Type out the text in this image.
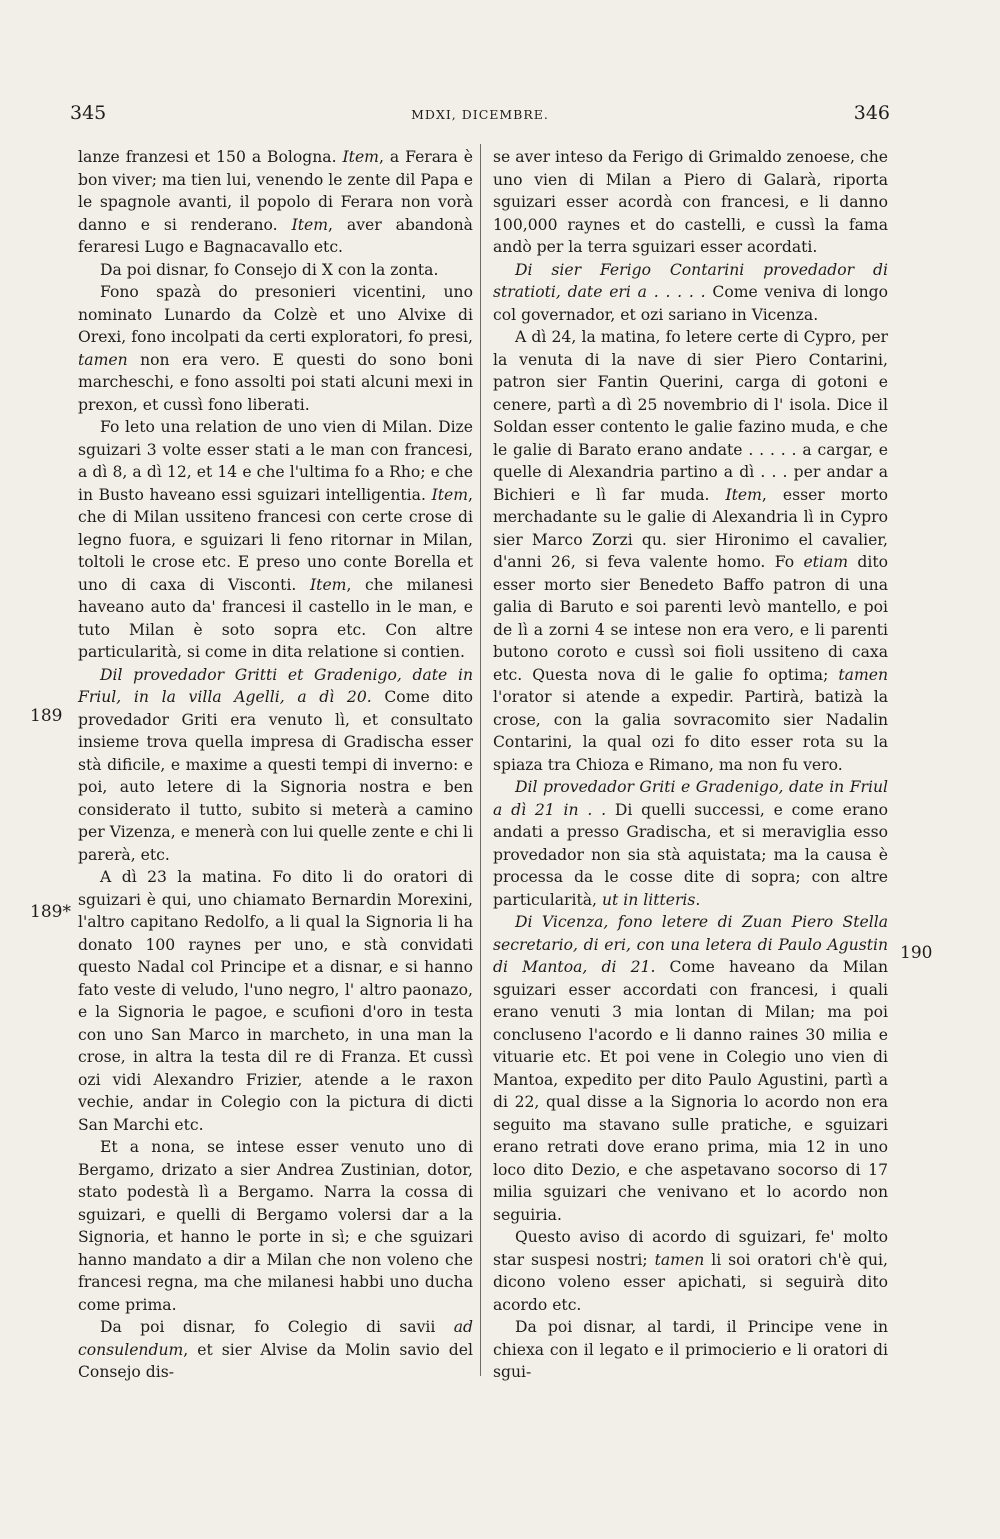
345	MDXI, DICEMBRE.	346
189
189*
190

lanze franzesi et 150 a Bologna. Item, a Ferara è bon viver; ma tien lui, venendo le zente dil Papa e le spagnole avanti, il popolo di Ferara non vorà danno e si renderano. Item, aver abandonà feraresi Lugo e Bagnacavallo etc.

Da poi disnar, fo Consejo di X con la zonta.

Fono spazà do presonieri vicentini, uno nominato Lunardo da Colzè et uno Alvixe di Orexi, fono incolpati da certi exploratori, fo presi, tamen non era vero. E questi do sono boni marcheschi, e fono assolti poi stati alcuni mexi in prexon, et cussì fono liberati.

Fo leto una relation de uno vien di Milan. Dize sguizari 3 volte esser stati a le man con francesi, a dì 8, a dì 12, et 14 e che l'ultima fo a Rho; e che in Busto haveano essi sguizari intelligentia. Item, che di Milan ussiteno francesi con certe crose di legno fuora, e sguizari li feno ritornar in Milan, toltoli le crose etc. E preso uno conte Borella et uno di caxa di Visconti. Item, che milanesi haveano auto da' francesi il castello in le man, e tuto Milan è soto sopra etc. Con altre particularità, si come in dita relatione si contien.

Dil provedador Gritti et Gradenigo, date in Friul, in la villa Agelli, a dì 20. Come dito provedador Griti era venuto lì, et consultato insieme trova quella impresa di Gradischa esser stà dificile, e maxime a questi tempi di inverno: e poi, auto letere di la Signoria nostra e ben considerato il tutto, subito si meterà a camino per Vizenza, e menerà con lui quelle zente e chi li parerà, etc.

A dì 23 la matina. Fo dito li do oratori di sguizari è qui, uno chiamato Bernardin Morexini, l'altro capitano Redolfo, a li qual la Signoria li ha donato 100 raynes per uno, e stà convidati questo Nadal col Principe et a disnar, e si hanno fato veste di veludo, l'uno negro, l' altro paonazo, e la Signoria le pagoe, e scufioni d'oro in testa con uno San Marco in marcheto, in una man la crose, in altra la testa dil re di Franza. Et cussì ozi vidi Alexandro Frizier, atende a le raxon vechie, andar in Colegio con la pictura di dicti San Marchi etc.

Et a nona, se intese esser venuto uno di Bergamo, drizato a sier Andrea Zustinian, dotor, stato podestà lì a Bergamo. Narra la cossa di sguizari, e quelli di Bergamo volersi dar a la Signoria, et hanno le porte in sì; e che sguizari hanno mandato a dir a Milan che non voleno che francesi regna, ma che milanesi habbi uno ducha come prima.

Da poi disnar, fo Colegio di savii ad consulendum, et sier Alvise da Molin savio del Consejo dis-

se aver inteso da Ferigo di Grimaldo zenoese, che uno vien di Milan a Piero di Galarà, riporta sguizari esser acordà con francesi, e li danno 100,000 raynes et do castelli, e cussì la fama andò per la terra sguizari esser acordati.

Di sier Ferigo Contarini provedador di stratioti, date eri a . . . . . Come veniva di longo col governador, et ozi sariano in Vicenza.

A dì 24, la matina, fo letere certe di Cypro, per la venuta di la nave di sier Piero Contarini, patron sier Fantin Querini, carga di gotoni e cenere, partì a dì 25 novembrio di l' isola. Dice il Soldan esser contento le galie fazino muda, e che le galie di Barato erano andate . . . . . a cargar, e quelle di Alexandria partino a dì . . . per andar a Bichieri e lì far muda. Item, esser morto merchadante su le galie di Alexandria lì in Cypro sier Marco Zorzi qu. sier Hironimo el cavalier, d'anni 26, si feva valente homo. Fo etiam dito esser morto sier Benedeto Baffo patron di una galia di Baruto e soi parenti levò mantello, e poi de lì a zorni 4 se intese non era vero, e li parenti butono coroto e cussì soi fioli ussiteno di caxa etc. Questa nova di le galie fo optima; tamen l'orator si atende a expedir. Partirà, batizà la crose, con la galia sovracomito sier Nadalin Contarini, la qual ozi fo dito esser rota su la spiaza tra Chioza e Rimano, ma non fu vero.

Dil provedador Griti e Gradenigo, date in Friul a dì 21 in . . Di quelli successi, e come erano andati a presso Gradischa, et si meraviglia esso provedador non sia stà aquistata; ma la causa è processa da le cosse dite di sopra; con altre particularità, ut in litteris.

Di Vicenza, fono letere di Zuan Piero Stella secretario, di eri, con una letera di Paulo Agustin di Mantoa, di 21. Come haveano da Milan sguizari esser accordati con francesi, i quali erano venuti 3 mia lontan di Milan; ma poi concluseno l'acordo e li danno raines 30 milia e vituarie etc. Et poi vene in Colegio uno vien di Mantoa, expedito per dito Paulo Agustini, partì a di 22, qual disse a la Signoria lo acordo non era seguito ma stavano sulle pratiche, e sguizari erano retrati dove erano prima, mia 12 in uno loco dito Dezio, e che aspetavano socorso di 17 milia sguizari che venivano et lo acordo non seguiria.

Questo aviso di acordo di sguizari, fe' molto star suspesi nostri; tamen li soi oratori ch'è qui, dicono voleno esser apichati, si seguirà dito acordo etc.

Da poi disnar, al tardi, il Principe vene in chiexa con il legato e il primocierio e li oratori di sgui-
